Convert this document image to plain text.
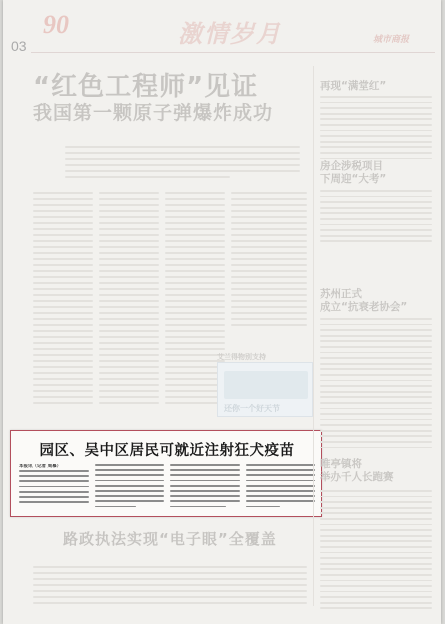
90	激情岁月	城市商报
03
“红色工程师”见证
我国第一颗原子弹爆炸成功
艾兰得物别支持
还你一个好天节
园区、吴中区居民可就近注射狂犬疫苗
本报讯（记者 周慕）
路政执法实现“电子眼”全覆盖
再现“满堂红”
房企涉税项目
下周迎“大考”
苏州正式
成立“抗衰老协会”
唯亭镇将
举办千人长跑赛
